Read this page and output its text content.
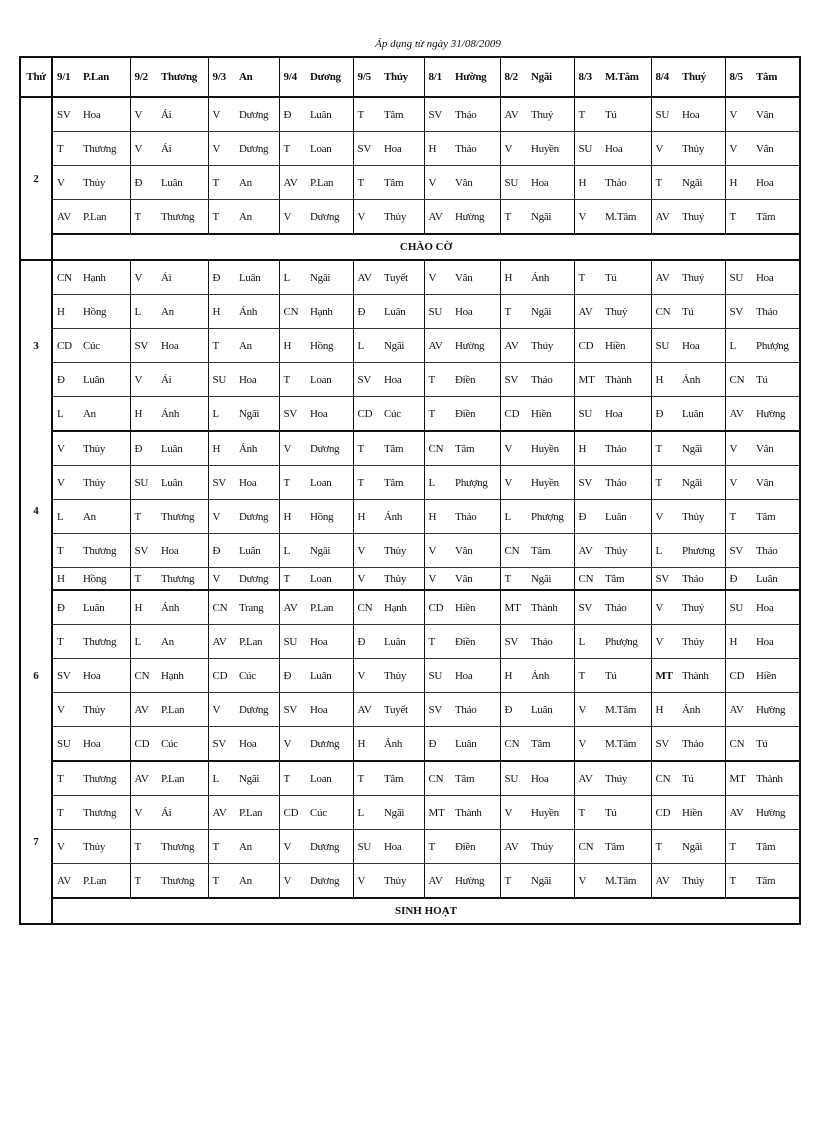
Áp dụng từ ngày 31/08/2009
Thứ	9/1	P.Lan	9/2	Thương	9/3	An	9/4	Dương	9/5	Thủy	8/1	Hường	8/2	Ngãi	8/3	M.Tâm	8/4	Thuý	8/5	Tâm
2	SV	Hoa	V	Ái	V	Dương	Đ	Luân	T	Tâm	SV	Thảo	AV	Thuý	T	Tú	SU	Hoa	V	Vân
	T	Thương	V	Ái	V	Dương	T	Loan	SV	Hoa	H	Thảo	V	Huyền	SU	Hoa	V	Thủy	V	Vân
	V	Thủy	Đ	Luân	T	An	AV	P.Lan	T	Tâm	V	Vân	SU	Hoa	H	Thảo	T	Ngãi	H	Hoa
	AV	P.Lan	T	Thương	T	An	V	Dương	V	Thủy	AV	Hường	T	Ngãi	V	M.Tâm	AV	Thuý	T	Tâm
	CHÀO CỜ																			
3	CN	Hạnh	V	Ái	Đ	Luân	L	Ngãi	AV	Tuyết	V	Vân	H	Ánh	T	Tú	AV	Thuý	SU	Hoa
	H	Hồng	L	An	H	Ánh	CN	Hạnh	Đ	Luân	SU	Hoa	T	Ngãi	AV	Thuý	CN	Tú	SV	Thảo
	CD	Cúc	SV	Hoa	T	An	H	Hồng	L	Ngãi	AV	Hường	AV	Thúy	CD	Hiền	SU	Hoa	L	Phượng
	Đ	Luân	V	Ái	SU	Hoa	T	Loan	SV	Hoa	T	Điền	SV	Thảo	MT	Thành	H	Ánh	CN	Tú
	L	An	H	Ánh	L	Ngãi	SV	Hoa	CD	Cúc	T	Điền	CD	Hiền	SU	Hoa	Đ	Luân	AV	Hường
4	V	Thủy	Đ	Luân	H	Ánh	V	Dương	T	Tâm	CN	Tâm	V	Huyền	H	Thảo	T	Ngãi	V	Vân
	V	Thủy	SU	Luân	SV	Hoa	T	Loan	T	Tâm	L	Phượng	V	Huyền	SV	Thảo	T	Ngãi	V	Vân
	L	An	T	Thương	V	Dương	H	Hồng	H	Ánh	H	Thảo	L	Phượng	Đ	Luân	V	Thủy	T	Tâm
	T	Thương	SV	Hoa	Đ	Luân	L	Ngãi	V	Thủy	V	Vân	CN	Tâm	AV	Thúy	L	Phương	SV	Thảo
	H	Hồng	T	Thương	V	Dương	T	Loan	V	Thủy	V	Vân	T	Ngãi	CN	Tâm	SV	Thảo	Đ	Luân
6	Đ	Luân	H	Ánh	CN	Trang	AV	P.Lan	CN	Hạnh	CD	Hiền	MT	Thành	SV	Thảo	V	Thuý	SU	Hoa
	T	Thương	L	An	AV	P.Lan	SU	Hoa	Đ	Luân	T	Điền	SV	Thảo	L	Phượng	V	Thủy	H	Hoa
	SV	Hoa	CN	Hạnh	CD	Cúc	Đ	Luân	V	Thủy	SU	Hoa	H	Ánh	T	Tú	MT	Thành	CD	Hiền
	V	Thủy	AV	P.Lan	V	Dương	SV	Hoa	AV	Tuyết	SV	Thảo	Đ	Luân	V	M.Tâm	H	Ánh	AV	Hường
	SU	Hoa	CD	Cúc	SV	Hoa	V	Dương	H	Ánh	Đ	Luân	CN	Tâm	V	M.Tâm	SV	Thảo	CN	Tú
7	T	Thương	AV	P.Lan	L	Ngãi	T	Loan	T	Tâm	CN	Tâm	SU	Hoa	AV	Thúy	CN	Tú	MT	Thành
	T	Thương	V	Ái	AV	P.Lan	CD	Cúc	L	Ngãi	MT	Thành	V	Huyền	T	Tú	CD	Hiền	AV	Hường
	V	Thủy	T	Thương	T	An	V	Dương	SU	Hoa	T	Điền	AV	Thúy	CN	Tâm	T	Ngãi	T	Tâm
	AV	P.Lan	T	Thương	T	An	V	Dương	V	Thủy	AV	Hường	T	Ngãi	V	M.Tâm	AV	Thúy	T	Tâm
	SINH HOẠT																			
